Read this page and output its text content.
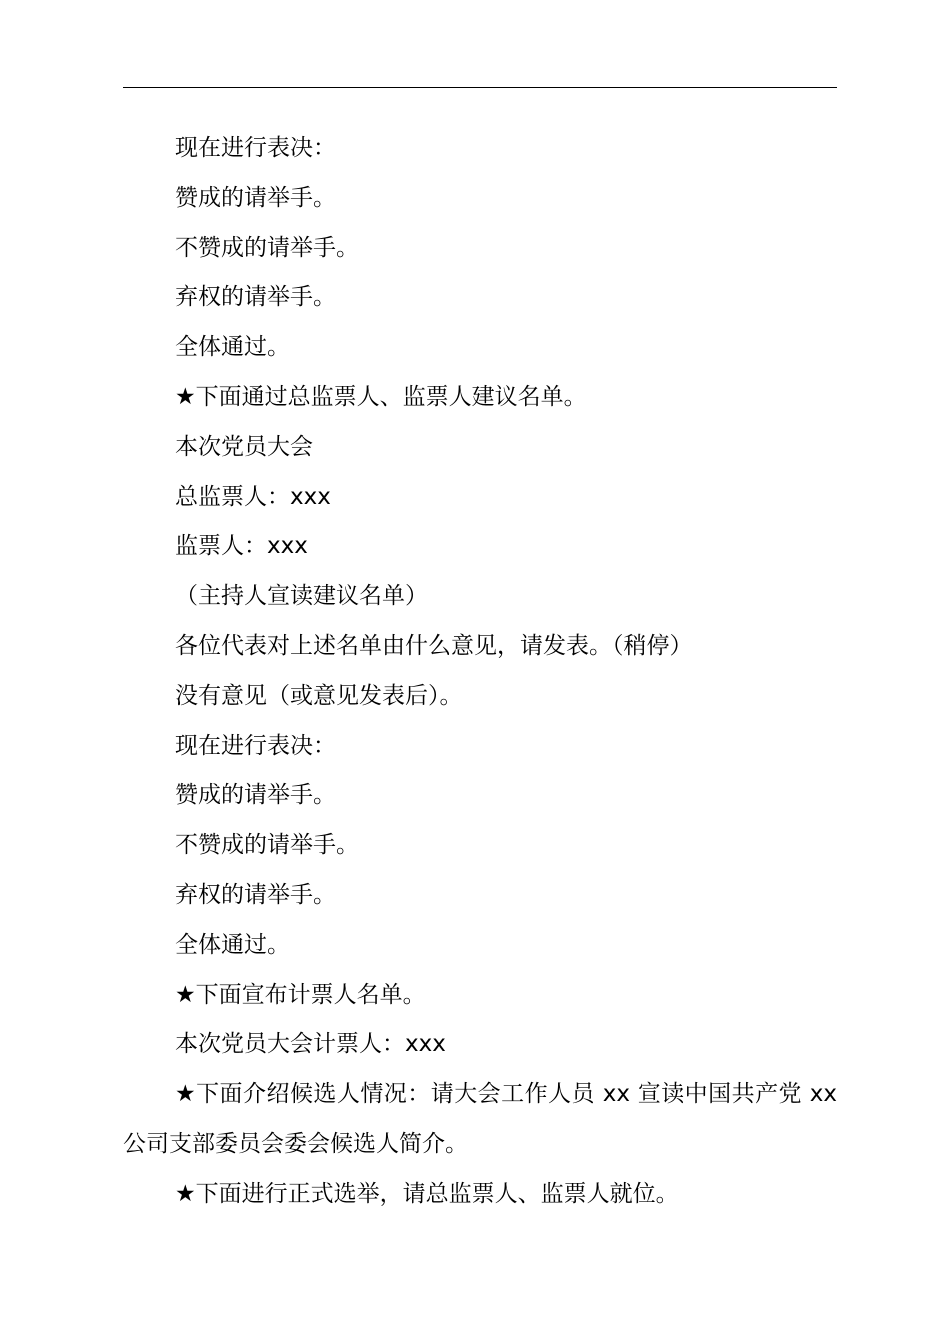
现在进行表决：

赞成的请举手。

不赞成的请举手。

弃权的请举手。

全体通过。

★下面通过总监票人、监票人建议名单。

本次党员大会

总监票人：xxx

监票人：xxx

（主持人宣读建议名单）

各位代表对上述名单由什么意见，请发表。（稍停）

没有意见（或意见发表后）。

现在进行表决：

赞成的请举手。

不赞成的请举手。

弃权的请举手。

全体通过。

★下面宣布计票人名单。

本次党员大会计票人：xxx

★下面介绍候选人情况：请大会工作人员 xx 宣读中国共产党 xx 公司支部委员会委会候选人简介。

★下面进行正式选举，请总监票人、监票人就位。
